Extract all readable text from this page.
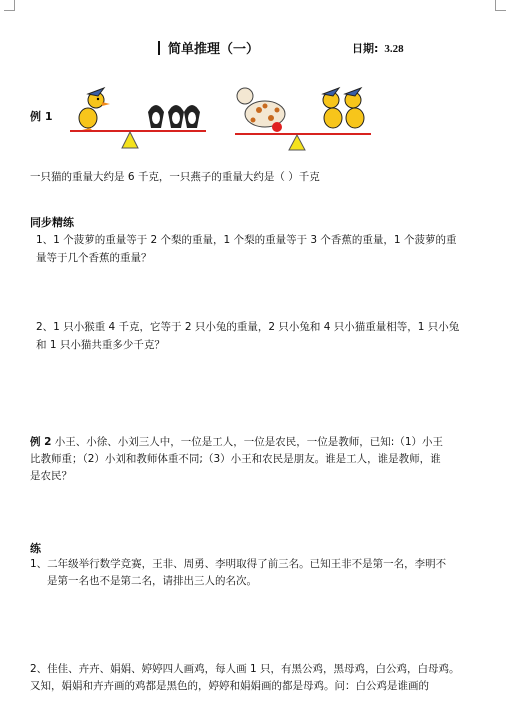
简单推理（一）	日期: 3.28
例 1
一只猫的重量大约是 6 千克，一只燕子的重量大约是（ ）千克
同步精练
1、1 个菠萝的重量等于 2 个梨的重量，1 个梨的重量等于 3 个香蕉的重量，1 个菠萝的重
量等于几个香蕉的重量？
2、1 只小猴重 4 千克，它等于 2 只小兔的重量，2 只小兔和 4 只小猫重量相等，1 只小兔
和 1 只小猫共重多少千克？
例 2 小王、小徐、小刘三人中，一位是工人，一位是农民，一位是教师，已知:（1）小王
比教师重；（2）小刘和教师体重不同;（3）小王和农民是朋友。谁是工人，谁是教师，谁
是农民？
练
1、二年级举行数学竞赛，王非、周勇、李明取得了前三名。已知王非不是第一名，李明不
是第一名也不是第二名，请排出三人的名次。
2、佳佳、卉卉、娟娟、婷婷四人画鸡，每人画 1 只，有黑公鸡，黑母鸡，白公鸡，白母鸡。
又知，娟娟和卉卉画的鸡都是黑色的，婷婷和娟娟画的都是母鸡。问：白公鸡是谁画的
